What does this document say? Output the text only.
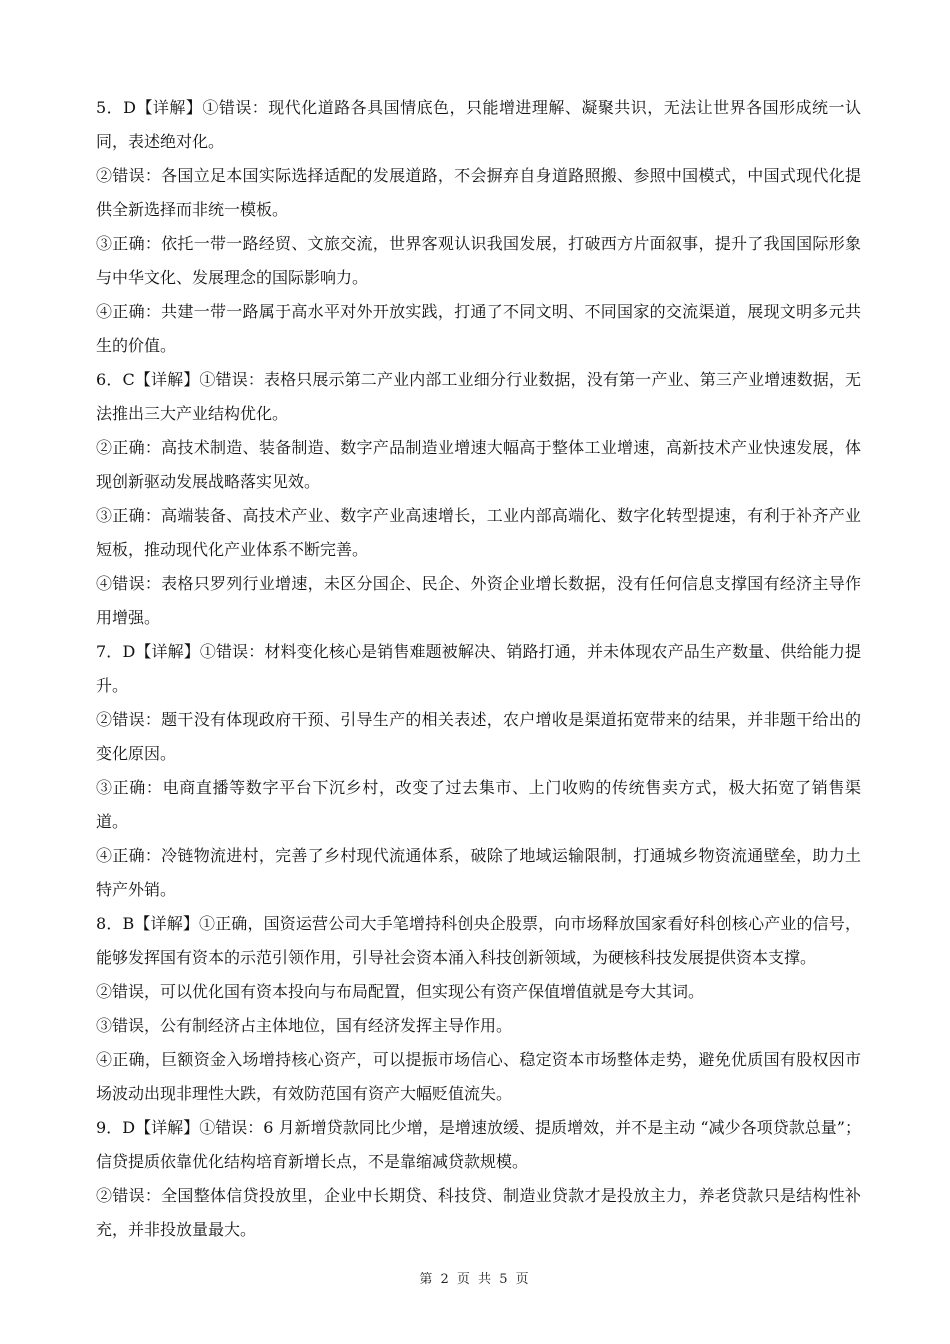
5．D【详解】①错误：现代化道路各具国情底色，只能增进理解、凝聚共识，无法让世界各国形成统一认同，表述绝对化。

②错误：各国立足本国实际选择适配的发展道路，不会摒弃自身道路照搬、参照中国模式，中国式现代化提供全新选择而非统一模板。

③正确：依托一带一路经贸、文旅交流，世界客观认识我国发展，打破西方片面叙事，提升了我国国际形象与中华文化、发展理念的国际影响力。

④正确：共建一带一路属于高水平对外开放实践，打通了不同文明、不同国家的交流渠道，展现文明多元共生的价值。

6．C【详解】①错误：表格只展示第二产业内部工业细分行业数据，没有第一产业、第三产业增速数据，无法推出三大产业结构优化。

②正确：高技术制造、装备制造、数字产品制造业增速大幅高于整体工业增速，高新技术产业快速发展，体现创新驱动发展战略落实见效。

③正确：高端装备、高技术产业、数字产业高速增长，工业内部高端化、数字化转型提速，有利于补齐产业短板，推动现代化产业体系不断完善。

④错误：表格只罗列行业增速，未区分国企、民企、外资企业增长数据，没有任何信息支撑国有经济主导作用增强。

7．D【详解】①错误：材料变化核心是销售难题被解决、销路打通，并未体现农产品生产数量、供给能力提升。

②错误：题干没有体现政府干预、引导生产的相关表述，农户增收是渠道拓宽带来的结果，并非题干给出的变化原因。

③正确：电商直播等数字平台下沉乡村，改变了过去集市、上门收购的传统售卖方式，极大拓宽了销售渠道。

④正确：冷链物流进村，完善了乡村现代流通体系，破除了地域运输限制，打通城乡物资流通壁垒，助力土特产外销。

8．B【详解】①正确，国资运营公司大手笔增持科创央企股票，向市场释放国家看好科创核心产业的信号，能够发挥国有资本的示范引领作用，引导社会资本涌入科技创新领域，为硬核科技发展提供资本支撑。

②错误，可以优化国有资本投向与布局配置，但实现公有资产保值增值就是夸大其词。

③错误，公有制经济占主体地位，国有经济发挥主导作用。

④正确，巨额资金入场增持核心资产，可以提振市场信心、稳定资本市场整体走势，避免优质国有股权因市场波动出现非理性大跌，有效防范国有资产大幅贬值流失。

9．D【详解】①错误：6 月新增贷款同比少增，是增速放缓、提质增效，并不是主动 “减少各项贷款总量”；信贷提质依靠优化结构培育新增长点，不是靠缩减贷款规模。

②错误：全国整体信贷投放里，企业中长期贷、科技贷、制造业贷款才是投放主力，养老贷款只是结构性补充，并非投放量最大。

第 2 页 共 5 页
